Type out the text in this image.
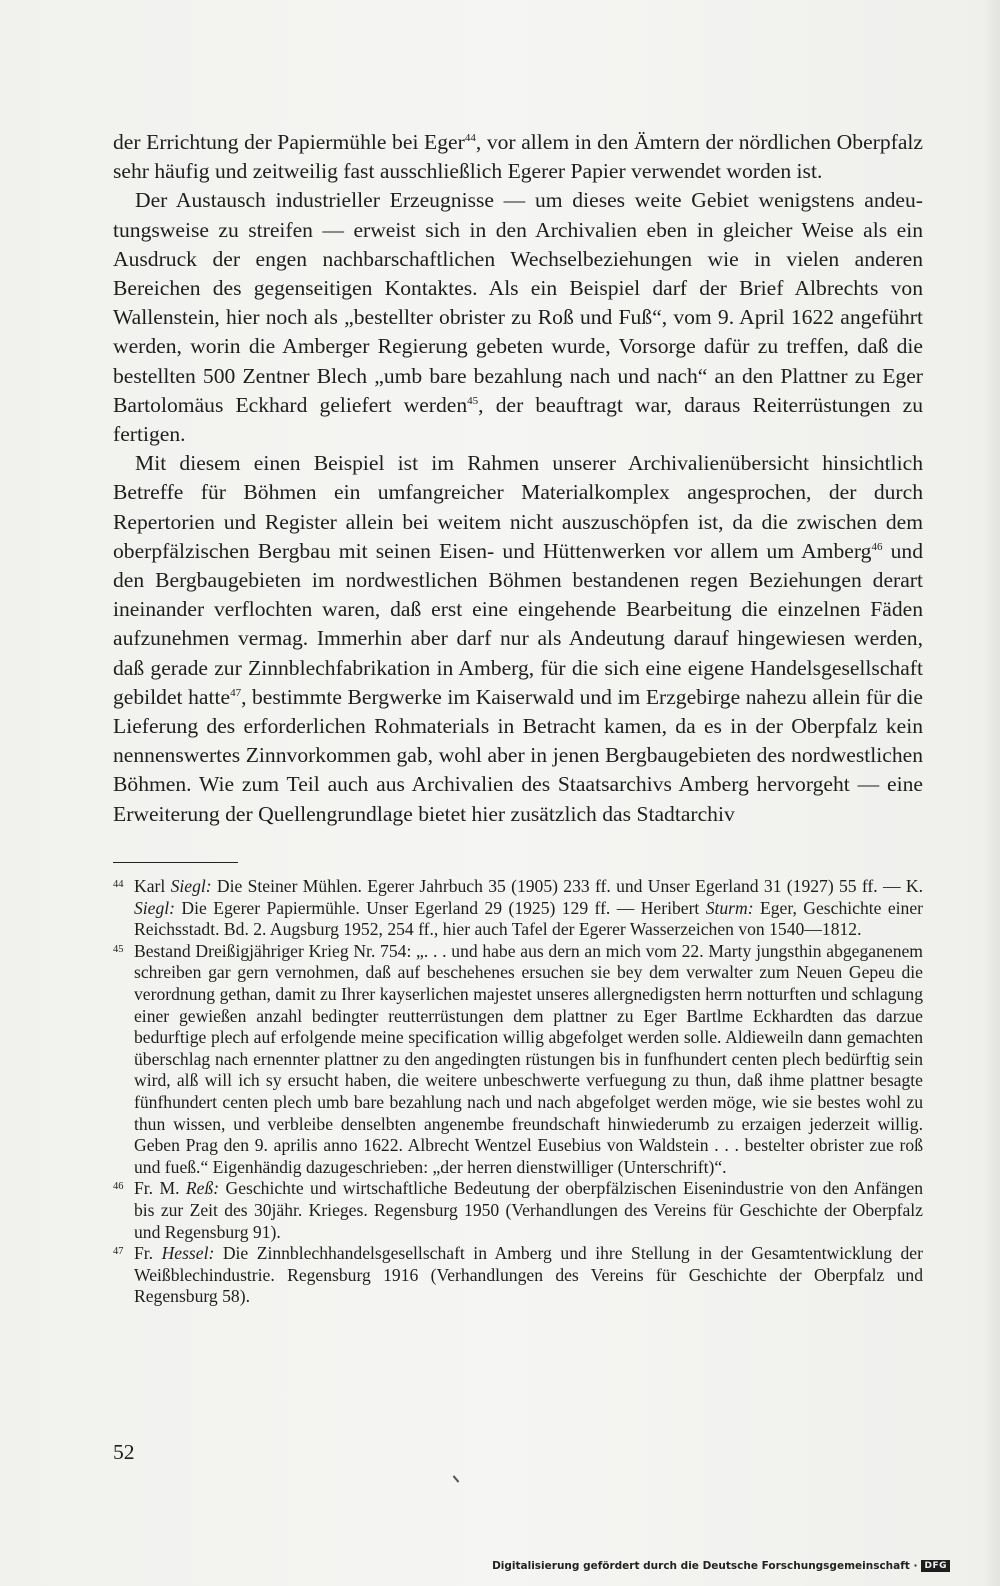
der Errichtung der Papiermühle bei Eger$^{44}$, vor allem in den Ämtern der nördlichen Oberpfalz sehr häufig und zeitweilig fast ausschließlich Egerer Papier verwendet worden ist.

Der Austausch industrieller Erzeugnisse — um dieses weite Gebiet wenigstens andeutungsweise zu streifen — erweist sich in den Archivalien eben in gleicher Weise als ein Ausdruck der engen nachbarschaftlichen Wechselbeziehungen wie in vielen anderen Bereichen des gegenseitigen Kontaktes. Als ein Beispiel darf der Brief Albrechts von Wallenstein, hier noch als „bestellter obrister zu Roß und Fuß“, vom 9. April 1622 angeführt werden, worin die Amberger Regierung gebeten wurde, Vorsorge dafür zu treffen, daß die bestellten 500 Zentner Blech „umb bare bezahlung nach und nach“ an den Plattner zu Eger Bartolomäus Eckhard geliefert werden$^{45}$, der beauftragt war, daraus Reiterrüstungen zu fertigen.

Mit diesem einen Beispiel ist im Rahmen unserer Archivalienübersicht hinsichtlich Betreffe für Böhmen ein umfangreicher Materialkomplex angesprochen, der durch Repertorien und Register allein bei weitem nicht auszuschöpfen ist, da die zwischen dem oberpfälzischen Bergbau mit seinen Eisen- und Hüttenwerken vor allem um Amberg$^{46}$ und den Bergbaugebieten im nordwestlichen Böhmen bestandenen regen Beziehungen derart ineinander verflochten waren, daß erst eine eingehende Bearbeitung die einzelnen Fäden aufzunehmen vermag. Immerhin aber darf nur als Andeutung darauf hingewiesen werden, daß gerade zur Zinnblechfabrikation in Amberg, für die sich eine eigene Handelsgesellschaft gebildet hatte$^{47}$, bestimmte Bergwerke im Kaiserwald und im Erzgebirge nahezu allein für die Lieferung des erforderlichen Rohmaterials in Betracht kamen, da es in der Oberpfalz kein nennenswertes Zinnvorkommen gab, wohl aber in jenen Bergbaugebieten des nordwestlichen Böhmen. Wie zum Teil auch aus Archivalien des Staatsarchivs Amberg hervorgeht — eine Erweiterung der Quellengrundlage bietet hier zusätzlich das Stadtarchiv

44 Karl Siegl: Die Steiner Mühlen. Egerer Jahrbuch 35 (1905) 233 ff. und Unser Egerland 31 (1927) 55 ff. — K. Siegl: Die Egerer Papiermühle. Unser Egerland 29 (1925) 129 ff. — Heribert Sturm: Eger, Geschichte einer Reichsstadt. Bd. 2. Augsburg 1952, 254 ff., hier auch Tafel der Egerer Wasserzeichen von 1540—1812.

45 Bestand Dreißigjähriger Krieg Nr. 754: „. . . und habe aus dern an mich vom 22. Marty jungsthin abgeganenem schreiben gar gern vernohmen, daß auf beschehenes ersuchen sie bey dem verwalter zum Neuen Gepeu die verordnung gethan, damit zu Ihrer kayserlichen majestet unseres allergnedigsten herrn notturften und schlagung einer gewießen anzahl bedingter reutterrüstungen dem plattner zu Eger Bartlme Eckhardten das darzue bedurftige plech auf erfolgende meine specification willig abgefolget werden solle. Aldieweiln dann gemachten überschlag nach ernennter plattner zu den angedingten rüstungen bis in funfhundert centen plech bedürftig sein wird, alß will ich sy ersucht haben, die weitere unbeschwerte verfuegung zu thun, daß ihme plattner besagte fünfhundert centen plech umb bare bezahlung nach und nach abgefolget werden möge, wie sie bestes wohl zu thun wissen, und verbleibe denselbten angenembe freundschaft hinwiederumb zu erzaigen jederzeit willig. Geben Prag den 9. aprilis anno 1622. Albrecht Wentzel Eusebius von Waldstein . . . bestelter obrister zue roß und fueß.“ Eigenhändig dazugeschrieben: „der herren dienstwilliger (Unterschrift)“.

46 Fr. M. Reß: Geschichte und wirtschaftliche Bedeutung der oberpfälzischen Eisenindustrie von den Anfängen bis zur Zeit des 30jähr. Krieges. Regensburg 1950 (Verhandlungen des Vereins für Geschichte der Oberpfalz und Regensburg 91).

47 Fr. Hessel: Die Zinnblechhandelsgesellschaft in Amberg und ihre Stellung in der Gesamtentwicklung der Weißblechindustrie. Regensburg 1916 (Verhandlungen des Vereins für Geschichte der Oberpfalz und Regensburg 58).

52
Digitalisierung gefördert durch die Deutsche Forschungsgemeinschaft · DFG
